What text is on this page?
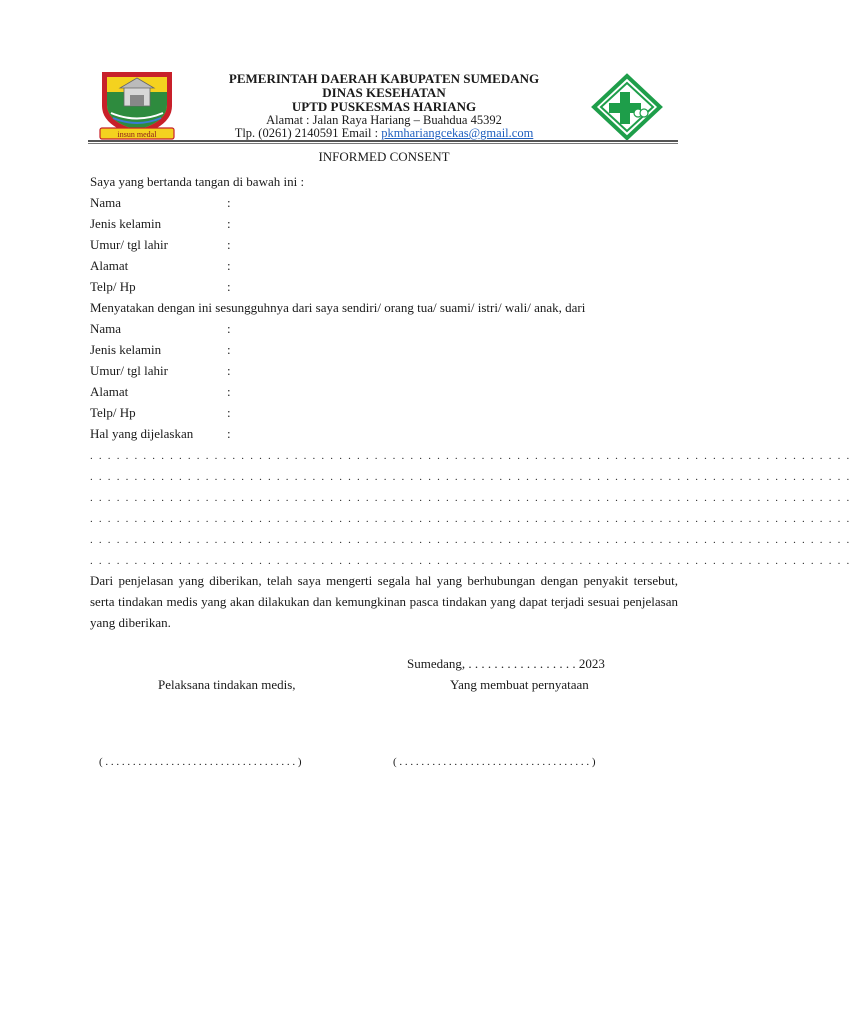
insun medal
PEMERINTAH DAERAH KABUPATEN SUMEDANG
DINAS KESEHATAN
UPTD PUSKESMAS HARIANG
Alamat : Jalan Raya Hariang – Buahdua 45392
Tlp. (0261) 2140591 Email : pkmhariangcekas@gmail.com
INFORMED CONSENT
Saya yang bertanda tangan di bawah ini :
Nama	:
Jenis kelamin	:
Umur/ tgl lahir	:
Alamat	:
Telp/ Hp	:
Menyatakan dengan ini sesungguhnya dari saya sendiri/ orang tua/ suami/ istri/ wali/ anak, dari
Nama	:
Jenis kelamin	:
Umur/ tgl lahir	:
Alamat	:
Telp/ Hp	:
Hal yang dijelaskan	:
. . . . . . . . . . . . . . . . . . . . . . . . . . . . . . . . . . . . . . . . . . . . . . . . . . . . . . . . . . . . . . . . . . . . . . . . . . . . . . . . . . . . . .
. . . . . . . . . . . . . . . . . . . . . . . . . . . . . . . . . . . . . . . . . . . . . . . . . . . . . . . . . . . . . . . . . . . . . . . . . . . . . . . . . . . . . .
. . . . . . . . . . . . . . . . . . . . . . . . . . . . . . . . . . . . . . . . . . . . . . . . . . . . . . . . . . . . . . . . . . . . . . . . . . . . . . . . . . . . . .
. . . . . . . . . . . . . . . . . . . . . . . . . . . . . . . . . . . . . . . . . . . . . . . . . . . . . . . . . . . . . . . . . . . . . . . . . . . . . . . . . . . . . .
. . . . . . . . . . . . . . . . . . . . . . . . . . . . . . . . . . . . . . . . . . . . . . . . . . . . . . . . . . . . . . . . . . . . . . . . . . . . . . . . . . . . . .
. . . . . . . . . . . . . . . . . . . . . . . . . . . . . . . . . . . . . . . . . . . . . . . . . . . . . . . . . . . . . . . . . . . . . . . . . . . . . . . . . . . . . .
Dari penjelasan yang diberikan, telah saya mengerti segala hal yang berhubungan dengan penyakit tersebut, serta tindakan medis yang akan dilakukan dan kemungkinan pasca tindakan yang dapat terjadi sesuai penjelasan yang diberikan.
Sumedang, . . . . . . . . . . . . . . . . . 2023
Pelaksana tindakan medis,	Yang membuat pernyataan
( . . . . . . . . . . . . . . . . . . . . . . . . . . . . . . . . . . . )	( . . . . . . . . . . . . . . . . . . . . . . . . . . . . . . . . . . . )
